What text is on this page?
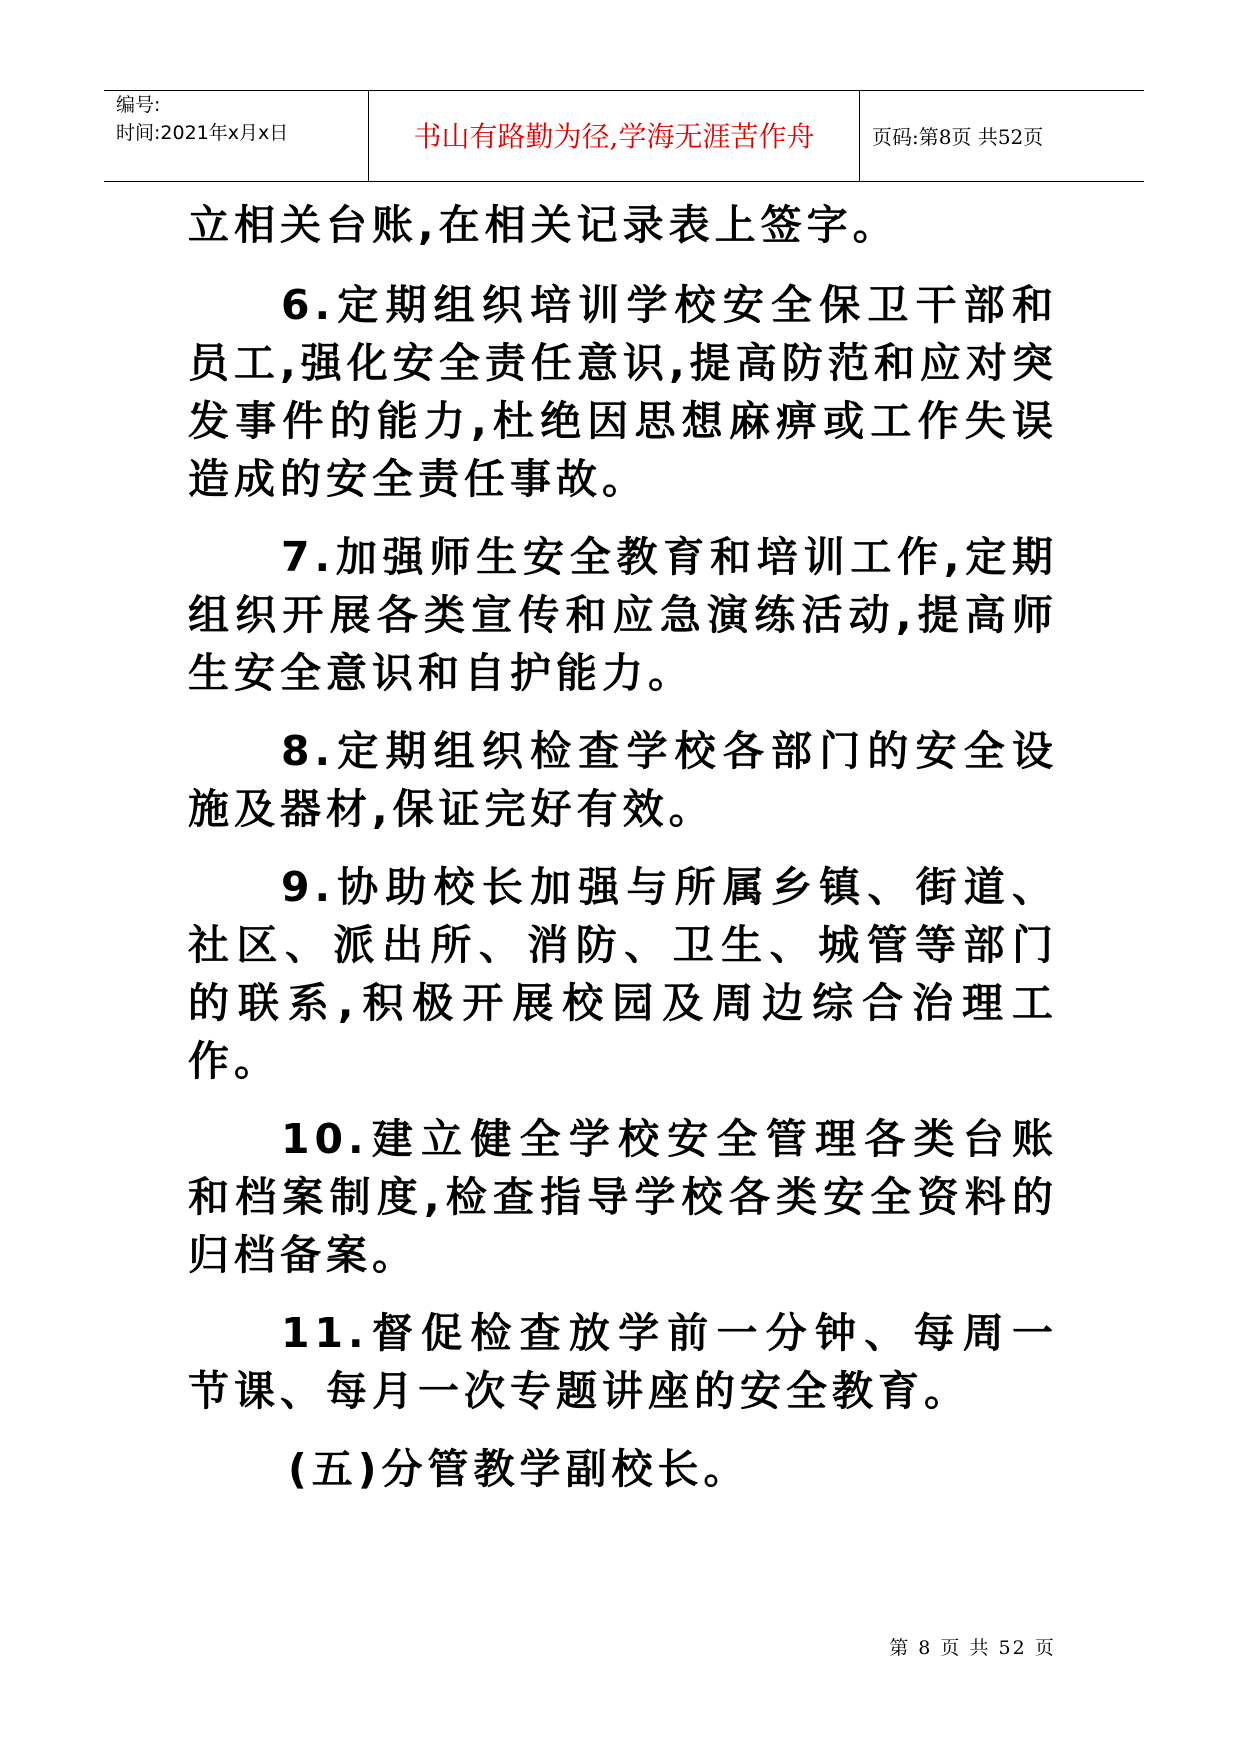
编号:
时间:2021年x月x日	书山有路勤为径,学海无涯苦作舟	页码:第8页 共52页

立相关台账,在相关记录表上签字。

6.定期组织培训学校安全保卫干部和员工,强化安全责任意识,提高防范和应对突发事件的能力,杜绝因思想麻痹或工作失误造成的安全责任事故。

7.加强师生安全教育和培训工作,定期组织开展各类宣传和应急演练活动,提高师生安全意识和自护能力。

8.定期组织检查学校各部门的安全设施及器材,保证完好有效。

9.协助校长加强与所属乡镇、街道、社区、派出所、消防、卫生、城管等部门的联系,积极开展校园及周边综合治理工作。

10.建立健全学校安全管理各类台账和档案制度,检查指导学校各类安全资料的归档备案。

11.督促检查放学前一分钟、每周一节课、每月一次专题讲座的安全教育。

(五)分管教学副校长。

第 8 页 共 52 页
